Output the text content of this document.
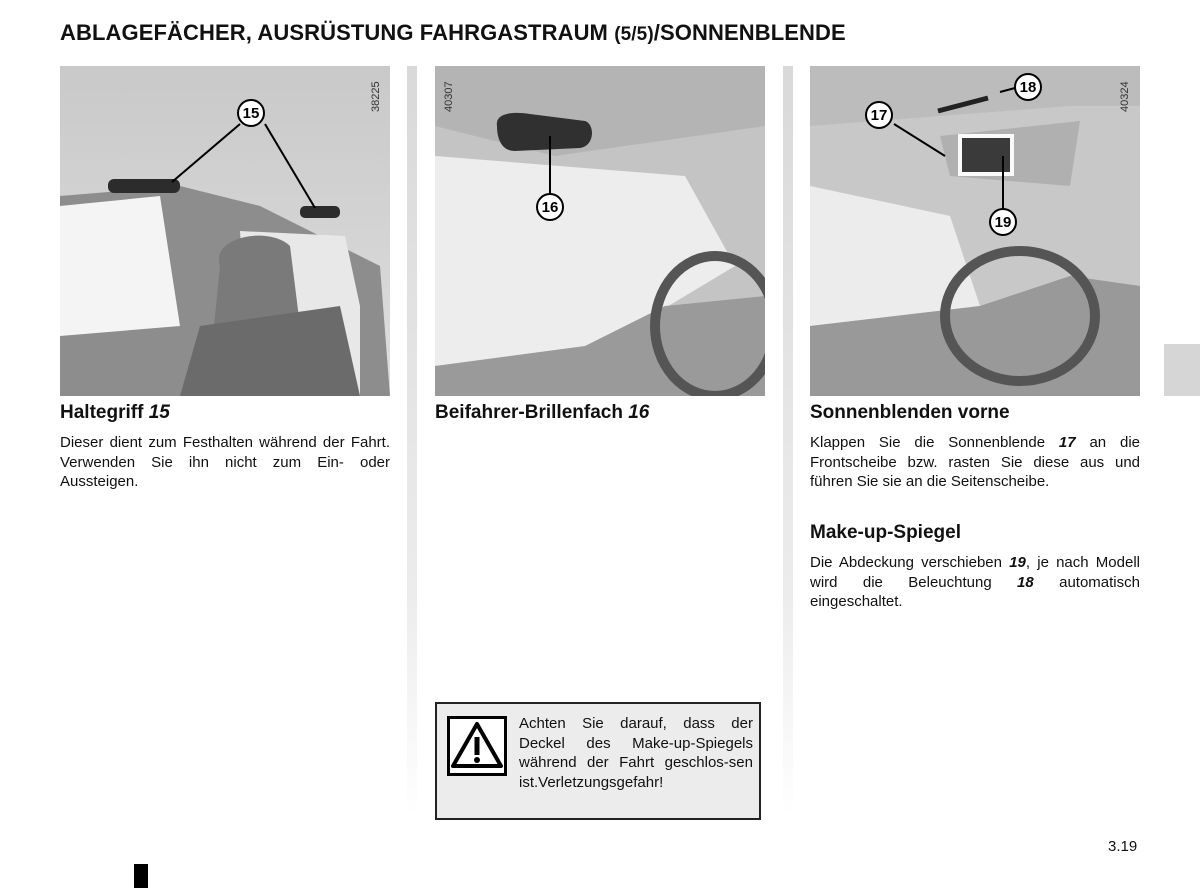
ABLAGEFÄCHER, AUSRÜSTUNG FAHRGASTRAUM (5/5)/SONNENBLENDE
38225
15
40307
16
40324
18
17
19
Haltegriff 15
Dieser dient zum Festhalten während der Fahrt. Verwenden Sie ihn nicht zum Ein- oder Aussteigen.
Beifahrer-Brillenfach 16	Sonnenblenden vorne
Klappen Sie die Sonnenblende 17 an die Frontscheibe bzw. rasten Sie diese aus und führen Sie sie an die Seitenscheibe.
Make-up-Spiegel
Die Abdeckung verschieben 19, je nach Modell wird die Beleuchtung 18 automatisch eingeschaltet.
Achten Sie darauf, dass der Deckel des Make-up-Spiegels während der Fahrt geschlos-sen ist.Verletzungsgefahr!
3.19
